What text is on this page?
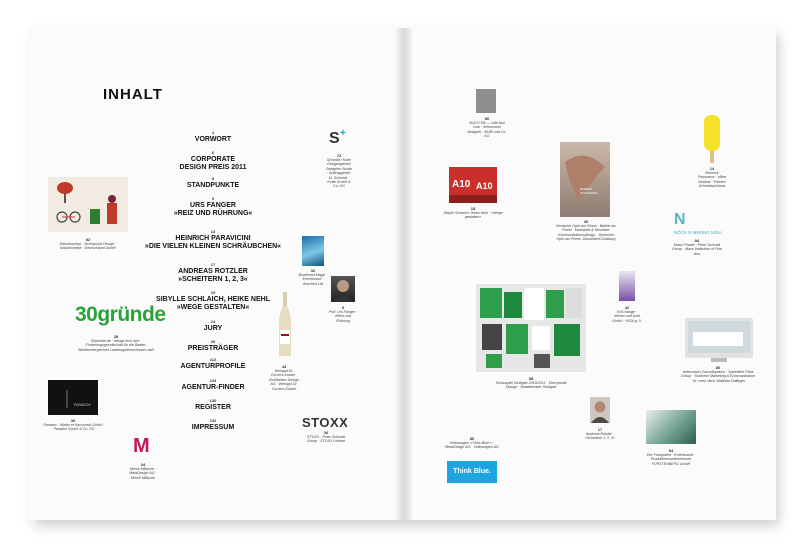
INHALT
4
VORWORT
6
CORPORATE
DESIGN PREIS 2011
8
STANDPUNKTE
9
URS FANGER
»REIZ UND RÜHRUNG«
13
HEINRICH PARAVICINI
»DIE VIELEN KLEINEN SCHRÄUBCHEN«
17
ANDREAS ROTZLER
»SCHEITERN 1, 2, 3«
19
SIBYLLE SCHLAICH, HEIKE NEHL
»WEGE GESTALTEN«
24
JURY
26
PREISTRÄGER
112
AGENTURPROFILE
124
AGENTUR-FINDER
130
REGISTER
132
IMPRESSUM
S +
30gründe
PARADOX
M
STOXX
A10 A10	ROBERT
SCHUMANN
N
NÖCK N MNÜNG MÜLI
Think Blue.
72
Schmidt / Kotte Designagentur Zweiglein Studio · Auftraggeber: M. Schmidt · Kotte GmbH & Co. KG
52
Naturkonzept · Strichpunkt Design · Naturkonzept · Deutschland GmbH
32
Blueforest Magic · Emerbound · Aeschen Ltd
9
Prof. Urs Fanger · effekt und Rührung
28
30gründe.de · design loch drei · Förderungsgesellschaft für die Baden-Württembergischen Landesgartenschauen mbH
44
Weingut Dr. Corvers-Kauter · Zweifarben Design AG · Weingut Dr. Corvers-Kauter
36
Paradox · Martin et Karczinski GmbH · Paradox GmbH & Co. KG
34
Merck Millipore · MetaDesign AG · Merck Millipore
36
STOXX · Peter Schmidt Group · STOXX Limited
80
BUCH EB — café fast club · nehmmann designer · BUBI und Co. KG
18
Sibylle Schlaich, Heike Nehl · »Wege gestalten«
40
Deutsche Oper am Rhein · Ballett am Rhein · Markwald & Neusitzer Kommunikationsdesign · Deutsche Oper am Rhein, Düsseldorf-Duisburg
14
Büroeck Panorama · office window · Kleinen Schrebdachhaus
84
Mass Private · Peter Schmidt Group · Mass Institution of Fine Arts
42
EclChange · kleiner und bold GmbH · VISA g. V.
58
Schauspiel Stuttgart 2010/2011 · Strichpunkt Design · Staatstheater Stuttgart
86
redesmann Zukunftsplanin · Speedline Flota Group · Thalheim Marketing & Kommunikation · Dr. med. dent. Matthias Dallinger
17
Andreas Rotzler · »Scheitern 1, 2, 3«
54
Der Fotografen · Emerbound · Produktionsunternehmen FÜRSTENBERG GmbH
86
Volkswagen »Think Blue.« · MetaDesign AG · Volkswagen AG
